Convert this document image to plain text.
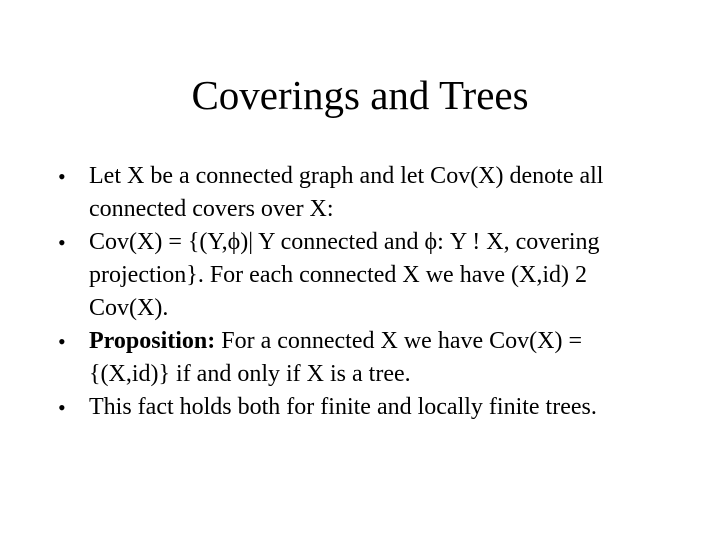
Coverings and Trees
• Let X be a connected graph and let Cov(X) denote all connected covers over X:
• Cov(X) = {(Y,ϕ)| Y connected and ϕ: Y ! X, covering projection}. For each connected X we have (X,id) 2 Cov(X).
• Proposition: For a connected X we have Cov(X) = {(X,id)} if and only if X is a tree.
• This fact holds both for finite and locally finite trees.
